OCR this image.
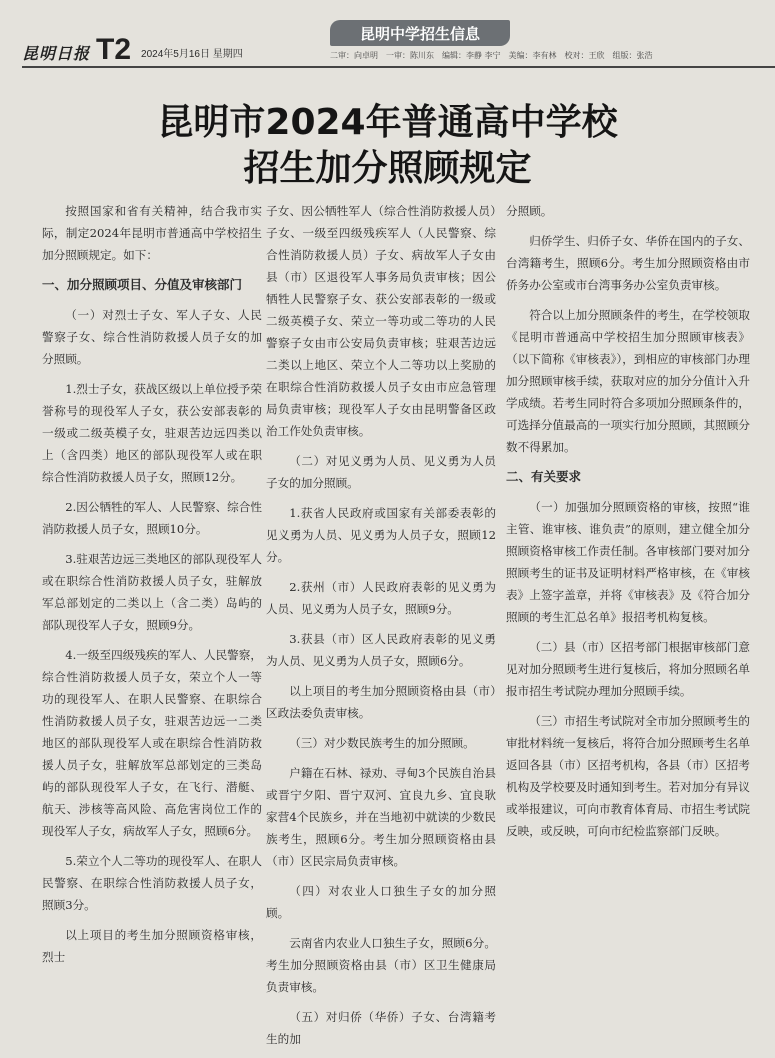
昆明日报 T2 2024年5月16日 星期四
昆明中学招生信息
二审：向卓明　一审：陈川东　编辑：李静 李宁　美编：李有林　校对：王欣　组版：张浩
昆明市2024年普通高中学校
招生加分照顾规定

按照国家和省有关精神，结合我市实际，制定2024年昆明市普通高中学校招生加分照顾规定。如下：

一、加分照顾项目、分值及审核部门

（一）对烈士子女、军人子女、人民警察子女、综合性消防救援人员子女的加分照顾。

1.烈士子女，获战区级以上单位授予荣誉称号的现役军人子女，获公安部表彰的一级或二级英模子女，驻艰苦边远四类以上（含四类）地区的部队现役军人或在职综合性消防救援人员子女，照顾12分。

2.因公牺牲的军人、人民警察、综合性消防救援人员子女，照顾10分。

3.驻艰苦边远三类地区的部队现役军人或在职综合性消防救援人员子女，驻解放军总部划定的二类以上（含二类）岛屿的部队现役军人子女，照顾9分。

4.一级至四级残疾的军人、人民警察，综合性消防救援人员子女，荣立个人一等功的现役军人、在职人民警察、在职综合性消防救援人员子女，驻艰苦边远一二类地区的部队现役军人或在职综合性消防救援人员子女，驻解放军总部划定的三类岛屿的部队现役军人子女，在飞行、潜艇、航天、涉核等高风险、高危害岗位工作的现役军人子女，病故军人子女，照顾6分。

5.荣立个人二等功的现役军人、在职人民警察、在职综合性消防救援人员子女，照顾3分。

以上项目的考生加分照顾资格审核，烈士

子女、因公牺牲军人（综合性消防救援人员）子女、一级至四级残疾军人（人民警察、综合性消防救援人员）子女、病故军人子女由县（市）区退役军人事务局负责审核；因公牺牲人民警察子女、获公安部表彰的一级或二级英模子女、荣立一等功或二等功的人民警察子女由市公安局负责审核；驻艰苦边远二类以上地区、荣立个人二等功以上奖励的在职综合性消防救援人员子女由市应急管理局负责审核；现役军人子女由昆明警备区政治工作处负责审核。

（二）对见义勇为人员、见义勇为人员子女的加分照顾。

1.获省人民政府或国家有关部委表彰的见义勇为人员、见义勇为人员子女，照顾12分。

2.获州（市）人民政府表彰的见义勇为人员、见义勇为人员子女，照顾9分。

3.获县（市）区人民政府表彰的见义勇为人员、见义勇为人员子女，照顾6分。

以上项目的考生加分照顾资格由县（市）区政法委负责审核。

（三）对少数民族考生的加分照顾。

户籍在石林、禄劝、寻甸3个民族自治县或晋宁夕阳、晋宁双河、宜良九乡、宜良耿家营4个民族乡，并在当地初中就读的少数民族考生，照顾6分。考生加分照顾资格由县（市）区民宗局负责审核。

（四）对农业人口独生子女的加分照顾。

云南省内农业人口独生子女，照顾6分。考生加分照顾资格由县（市）区卫生健康局负责审核。

（五）对归侨（华侨）子女、台湾籍考生的加

分照顾。

归侨学生、归侨子女、华侨在国内的子女、台湾籍考生，照顾6分。考生加分照顾资格由市侨务办公室或市台湾事务办公室负责审核。

符合以上加分照顾条件的考生，在学校领取《昆明市普通高中学校招生加分照顾审核表》（以下简称《审核表》），到相应的审核部门办理加分照顾审核手续，获取对应的加分分值计入升学成绩。若考生同时符合多项加分照顾条件的，可选择分值最高的一项实行加分照顾，其照顾分数不得累加。

二、有关要求

（一）加强加分照顾资格的审核，按照“谁主管、谁审核、谁负责”的原则，建立健全加分照顾资格审核工作责任制。各审核部门要对加分照顾考生的证书及证明材料严格审核，在《审核表》上签字盖章，并将《审核表》及《符合加分照顾的考生汇总名单》报招考机构复核。

（二）县（市）区招考部门根据审核部门意见对加分照顾考生进行复核后，将加分照顾名单报市招生考试院办理加分照顾手续。

（三）市招生考试院对全市加分照顾考生的审批材料统一复核后，将符合加分照顾考生名单返回各县（市）区招考机构，各县（市）区招考机构及学校要及时通知到考生。若对加分有异议或举报建议，可向市教育体育局、市招生考试院反映，或反映，可向市纪检监察部门反映。
